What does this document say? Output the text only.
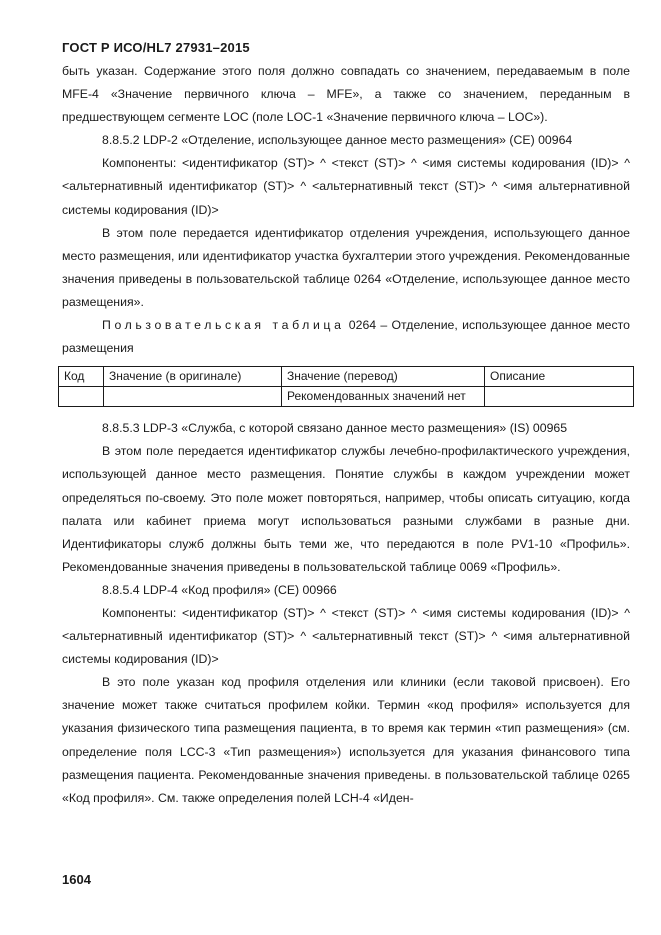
ГОСТ Р ИСО/HL7 27931–2015

быть указан. Содержание этого поля должно совпадать со значением, передаваемым в поле MFE-4 «Значение первичного ключа – MFE», а также со значением, переданным в предшествующем сегменте LOC (поле LOC-1 «Значение первичного ключа – LOC»).

8.8.5.2 LDP-2 «Отделение, использующее данное место размещения» (CE) 00964

Компоненты: <идентификатор (ST)> ^ <текст (ST)> ^ <имя системы кодирования (ID)> ^ <альтернативный идентификатор (ST)> ^ <альтернативный текст (ST)> ^ <имя альтернативной системы кодирования (ID)>

В этом поле передается идентификатор отделения учреждения, использующего данное место размещения, или идентификатор участка бухгалтерии этого учреждения. Рекомендованные значения приведены в пользовательской таблице 0264 «Отделение, использующее данное место размещения».

Пользовательская таблица 0264 – Отделение, использующее данное место размещения

Код	Значение (в оригинале)	Значение (перевод)	Описание
		Рекомендованных значений нет	

8.8.5.3 LDP-3 «Служба, с которой связано данное место размещения» (IS) 00965

В этом поле передается идентификатор службы лечебно-профилактического учреждения, использующей данное место размещения. Понятие службы в каждом учреждении может определяться по-своему. Это поле может повторяться, например, чтобы описать ситуацию, когда палата или кабинет приема могут использоваться разными службами в разные дни. Идентификаторы служб должны быть теми же, что передаются в поле PV1-10 «Профиль». Рекомендованные значения приведены в пользовательской таблице 0069 «Профиль».

8.8.5.4 LDP-4 «Код профиля» (CE) 00966

Компоненты: <идентификатор (ST)> ^ <текст (ST)> ^ <имя системы кодирования (ID)> ^ <альтернативный идентификатор (ST)> ^ <альтернативный текст (ST)> ^ <имя альтернативной системы кодирования (ID)>

В это поле указан код профиля отделения или клиники (если таковой присвоен). Его значение может также считаться профилем койки. Термин «код профиля» используется для указания физического типа размещения пациента, в то время как термин «тип размещения» (см. определение поля LCC-3 «Тип размещения») используется для указания финансового типа размещения пациента. Рекомендованные значения приведены. в пользовательской таблице 0265 «Код профиля». См. также определения полей LCH-4 «Иден-

1604
